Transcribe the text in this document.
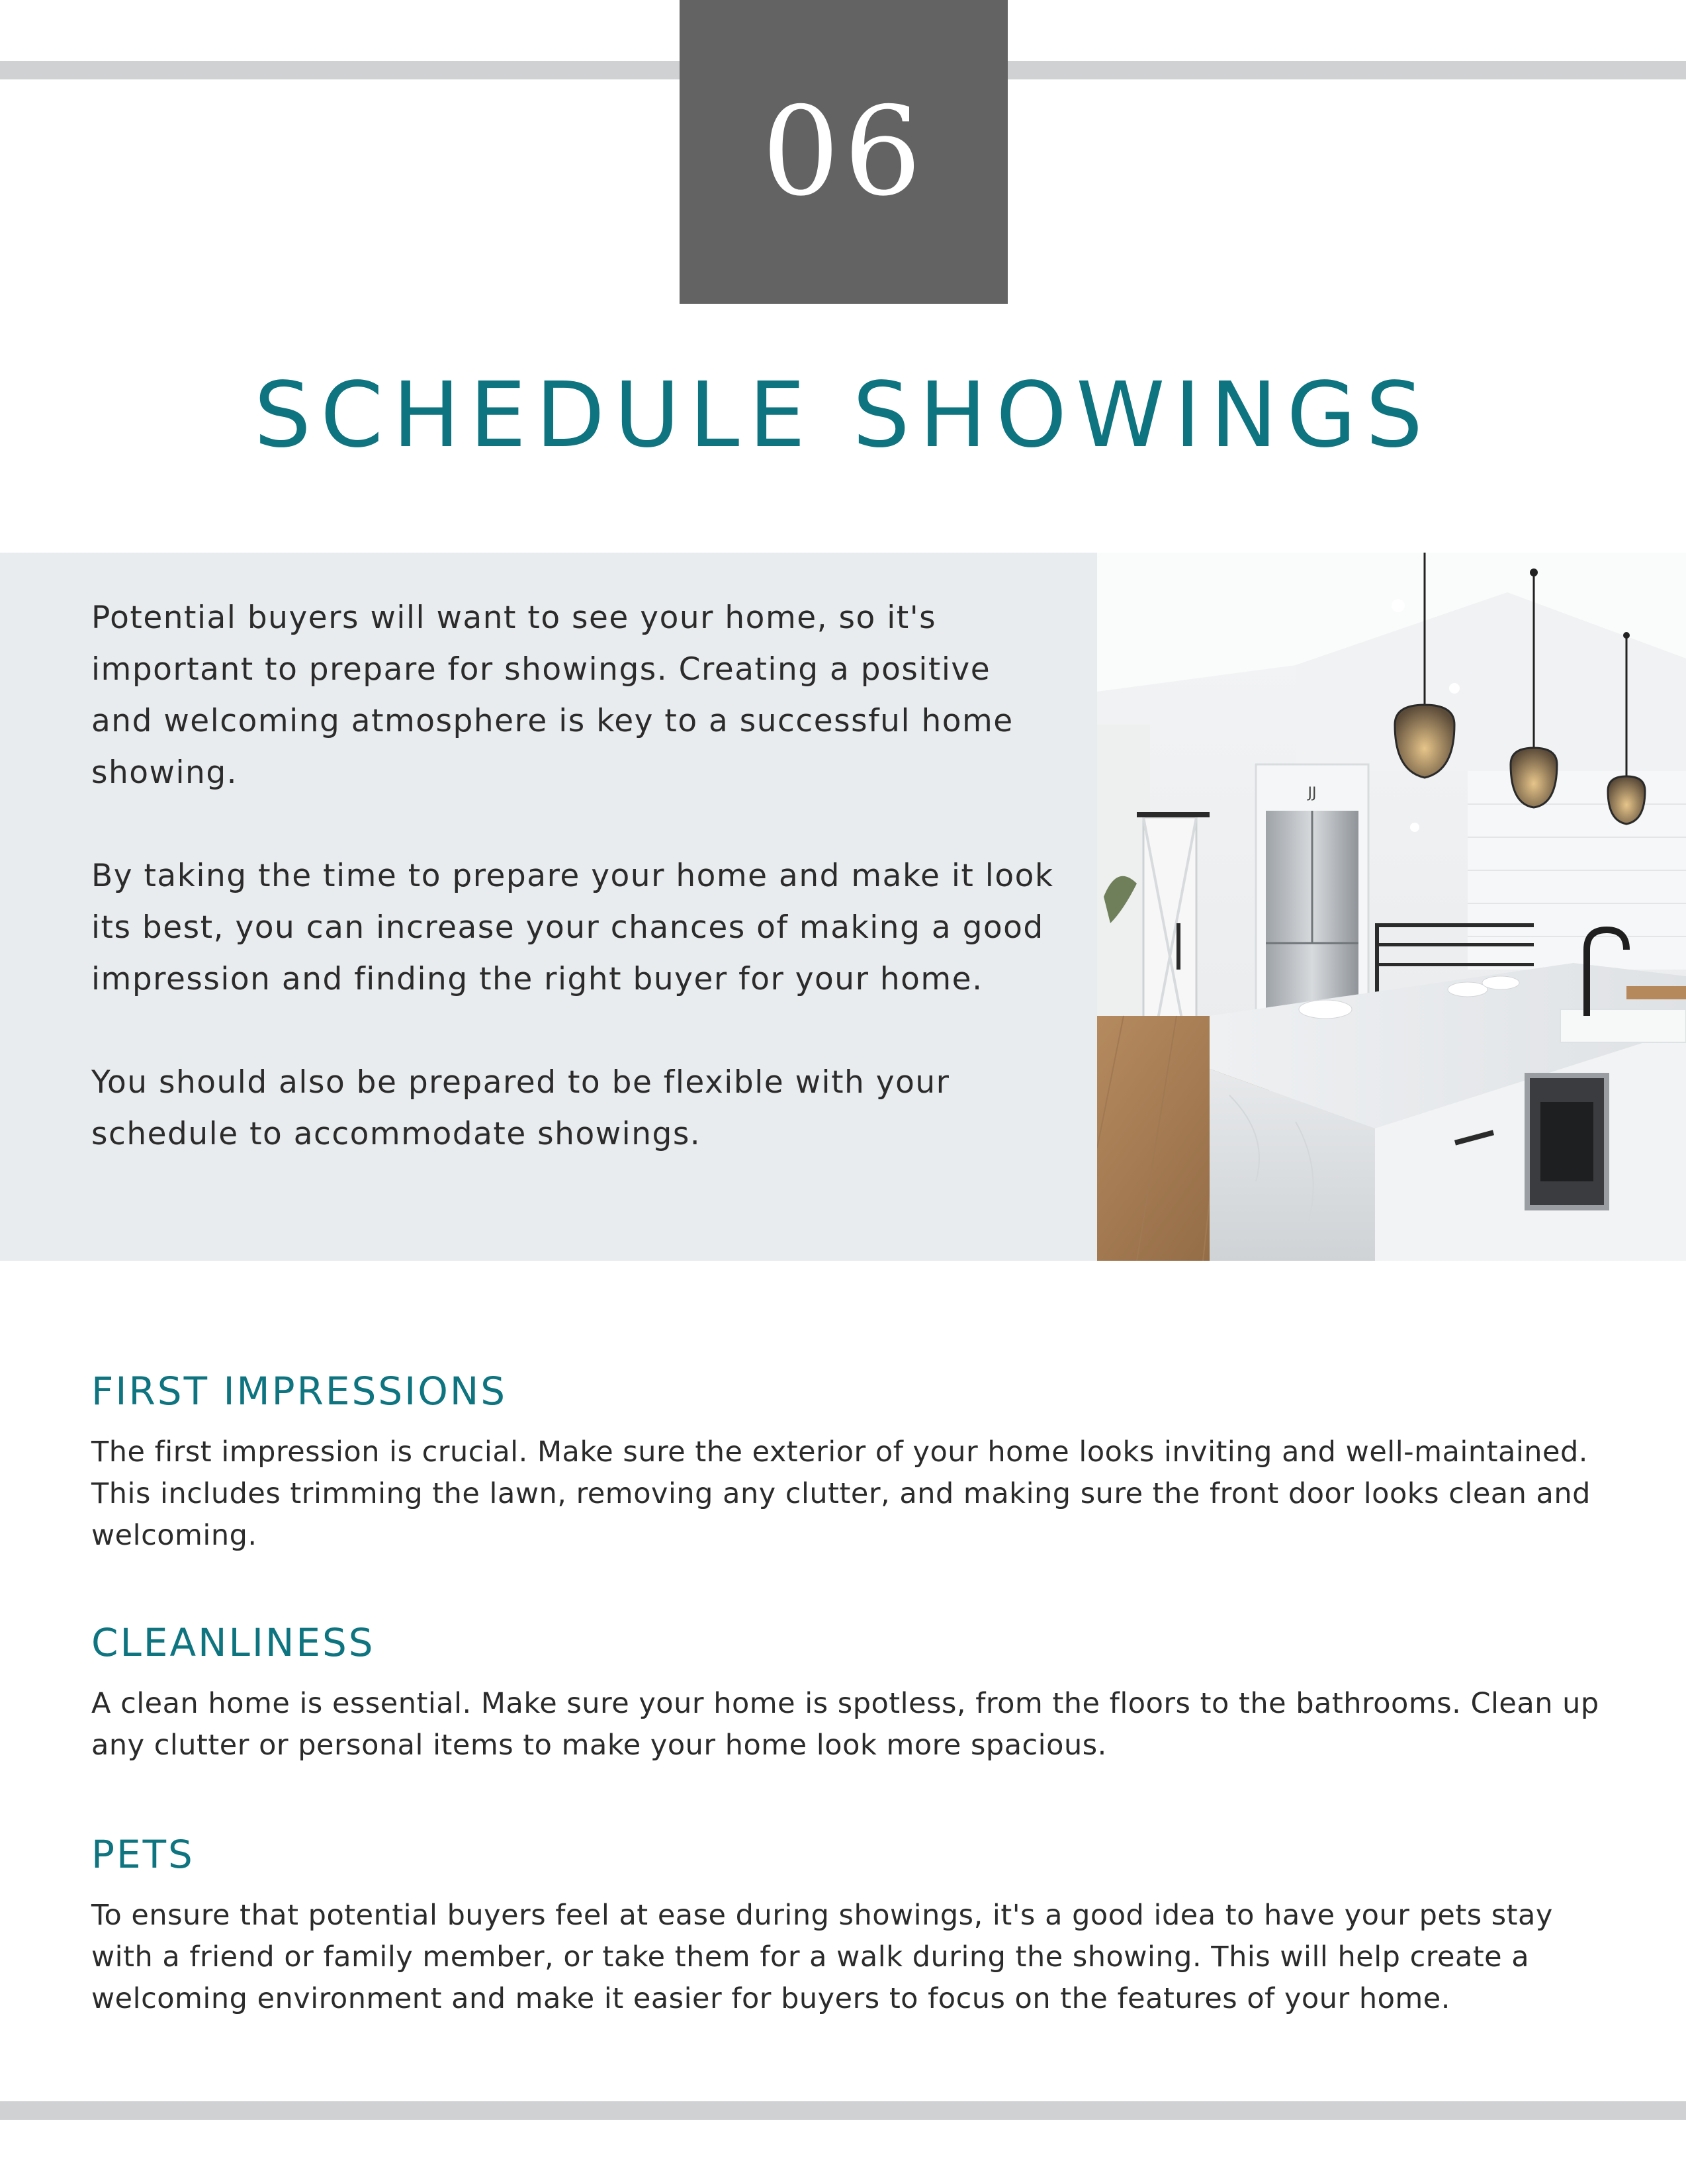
06
SCHEDULE SHOWINGS

Potential buyers will want to see your home, so it's important to prepare for showings. Creating a positive and welcoming atmosphere is key to a successful home showing.

By taking the time to prepare your home and make it look its best, you can increase your chances of making a good impression and finding the right buyer for your home.

You should also be prepared to be flexible with your schedule to accommodate showings.

JJ
FIRST IMPRESSIONS

The first impression is crucial. Make sure the exterior of your home looks inviting and well-maintained. This includes trimming the lawn, removing any clutter, and making sure the front door looks clean and welcoming.

CLEANLINESS

A clean home is essential. Make sure your home is spotless, from the floors to the bathrooms. Clean up any clutter or personal items to make your home look more spacious.

PETS

To ensure that potential buyers feel at ease during showings, it's a good idea to have your pets stay with a friend or family member, or take them for a walk during the showing. This will help create a welcoming environment and make it easier for buyers to focus on the features of your home.
